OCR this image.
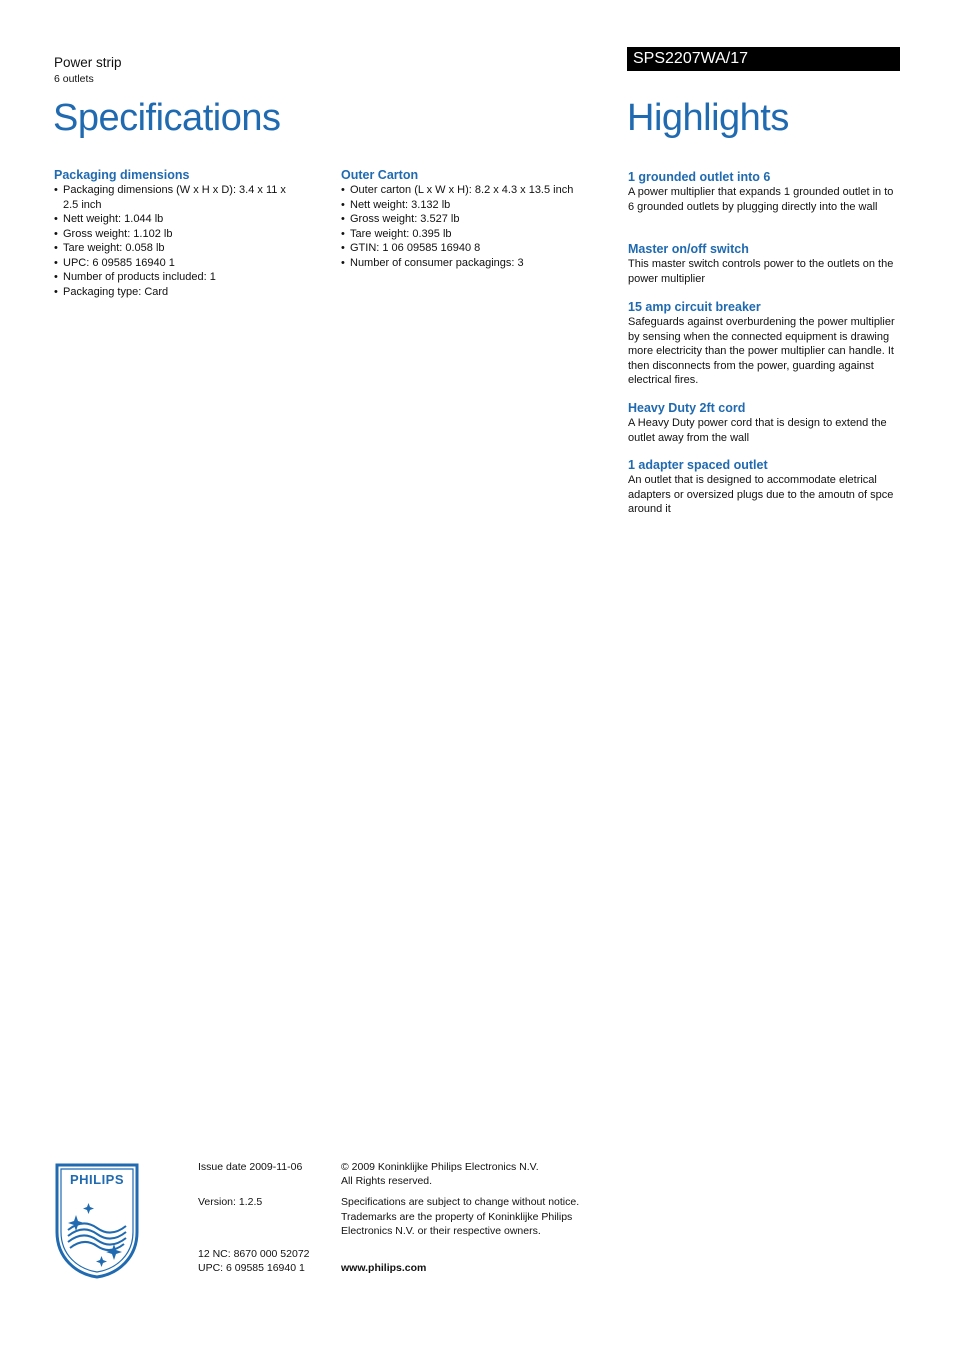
Power strip
6 outlets
SPS2207WA/17
Specifications	Highlights
Packaging dimensions
• Packaging dimensions (W x H x D): 3.4 x 11 x 2.5 inch
• Nett weight: 1.044 lb
• Gross weight: 1.102 lb
• Tare weight: 0.058 lb
• UPC: 6 09585 16940 1
• Number of products included: 1
• Packaging type: Card
Outer Carton
• Outer carton (L x W x H): 8.2 x 4.3 x 13.5 inch
• Nett weight: 3.132 lb
• Gross weight: 3.527 lb
• Tare weight: 0.395 lb
• GTIN: 1 06 09585 16940 8
• Number of consumer packagings: 3
1 grounded outlet into 6
A power multiplier that expands 1 grounded outlet in to 6 grounded outlets by plugging directly into the wall
Master on/off switch
This master switch controls power to the outlets on the power multiplier
15 amp circuit breaker
Safeguards against overburdening the power multiplier by sensing when the connected equipment is drawing more electricity than the power multiplier can handle. It then disconnects from the power, guarding against electrical fires.
Heavy Duty 2ft cord
A Heavy Duty power cord that is design to extend the outlet away from the wall
1 adapter spaced outlet
An outlet that is designed to accommodate eletrical adapters or oversized plugs due to the amoutn of spce around it
PHILIPS
Issue date 2009-11-06
Version: 1.2.5
12 NC: 8670 000 52072
UPC: 6 09585 16940 1
© 2009 Koninklijke Philips Electronics N.V.
All Rights reserved.
Specifications are subject to change without notice. Trademarks are the property of Koninklijke Philips Electronics N.V. or their respective owners.
www.philips.com
